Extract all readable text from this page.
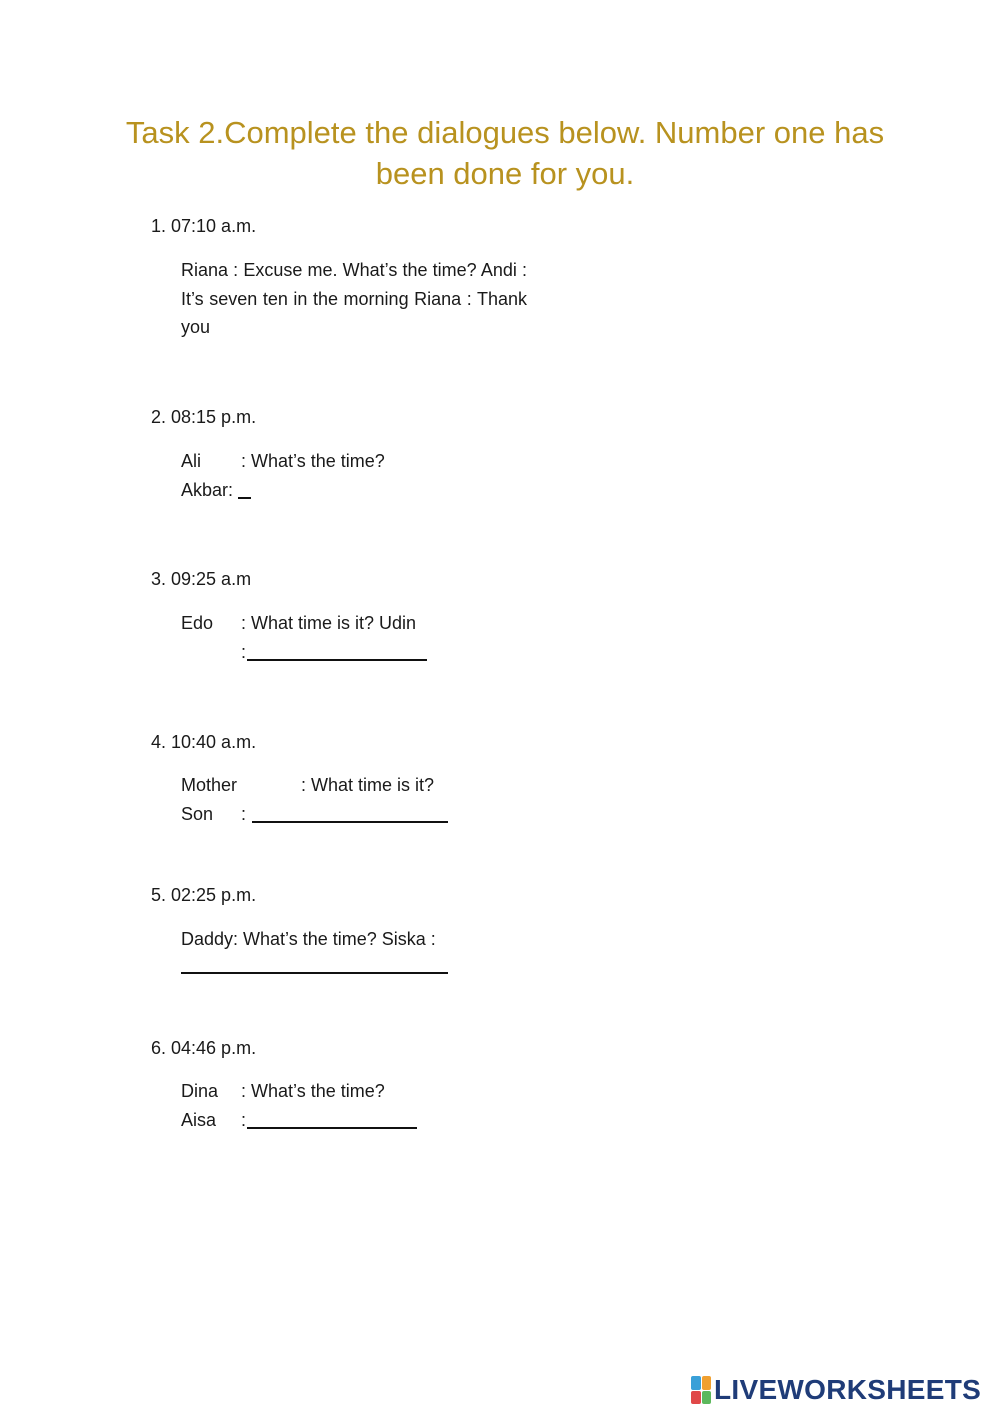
Task 2.Complete the dialogues below. Number one has been done for you.
1. 07:10 a.m.
Riana : Excuse me. What’s the time? Andi : It’s seven ten in the morning Riana : Thank you
2. 08:15 p.m.
Ali : What’s the time?
Akbar:
3. 09:25 a.m
Edo : What time is it? Udin
:
4. 10:40 a.m.
Mother	: What time is it?
Son :
5. 02:25 p.m.
Daddy: What’s the time? Siska :
6. 04:46 p.m.
Dina : What’s the time?
Aisa :
LIVEWORKSHEETS
